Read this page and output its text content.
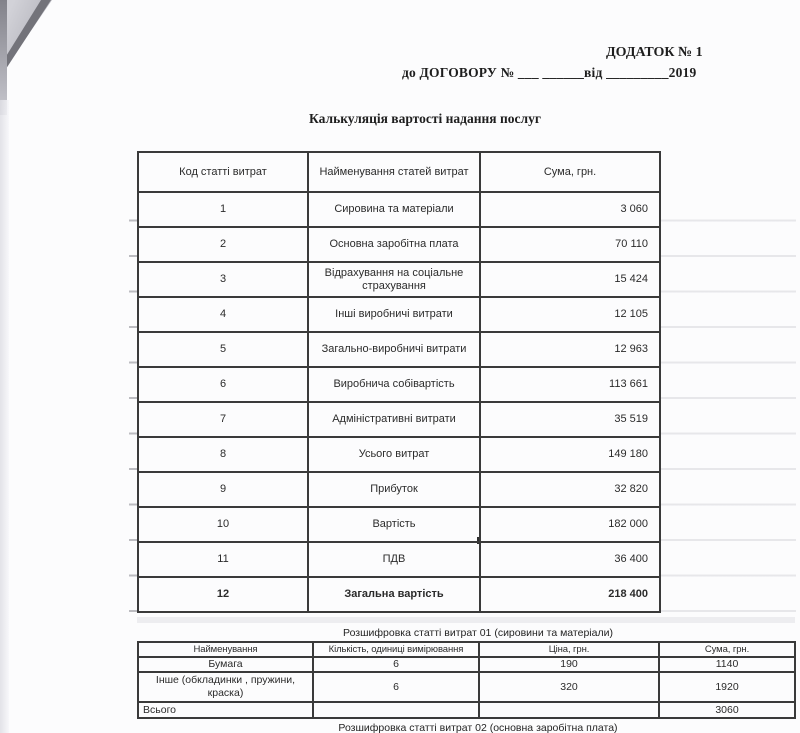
ДОДАТОК № 1
до ДОГОВОРУ № ___ ______від _________2019
Калькуляція вартості надання послуг
Код статті витрат	Найменування статей витрат	Сума, грн.
1	Сировина та матеріали	3 060
2	Основна заробітна плата	70 110
3	Відрахування на соціальне страхування	15 424
4	Інші виробничі витрати	12 105
5	Загально-виробничі витрати	12 963
6	Виробнича собівартість	113 661
7	Адміністративні витрати	35 519
8	Усього витрат	149 180
9	Прибуток	32 820
10	Вартість	182 000
11	ПДВ	36 400
12	Загальна вартість	218 400
Розшифровка статті витрат 01 (сировини та матеріали)
Найменування	Кількість, одиниці вимірювання	Ціна, грн.	Сума, грн.
Бумага	6	190	1140
Інше (обкладинки , пружини, краска)	6	320	1920
Всього			3060
Розшифровка статті витрат 02 (основна заробітна плата)
